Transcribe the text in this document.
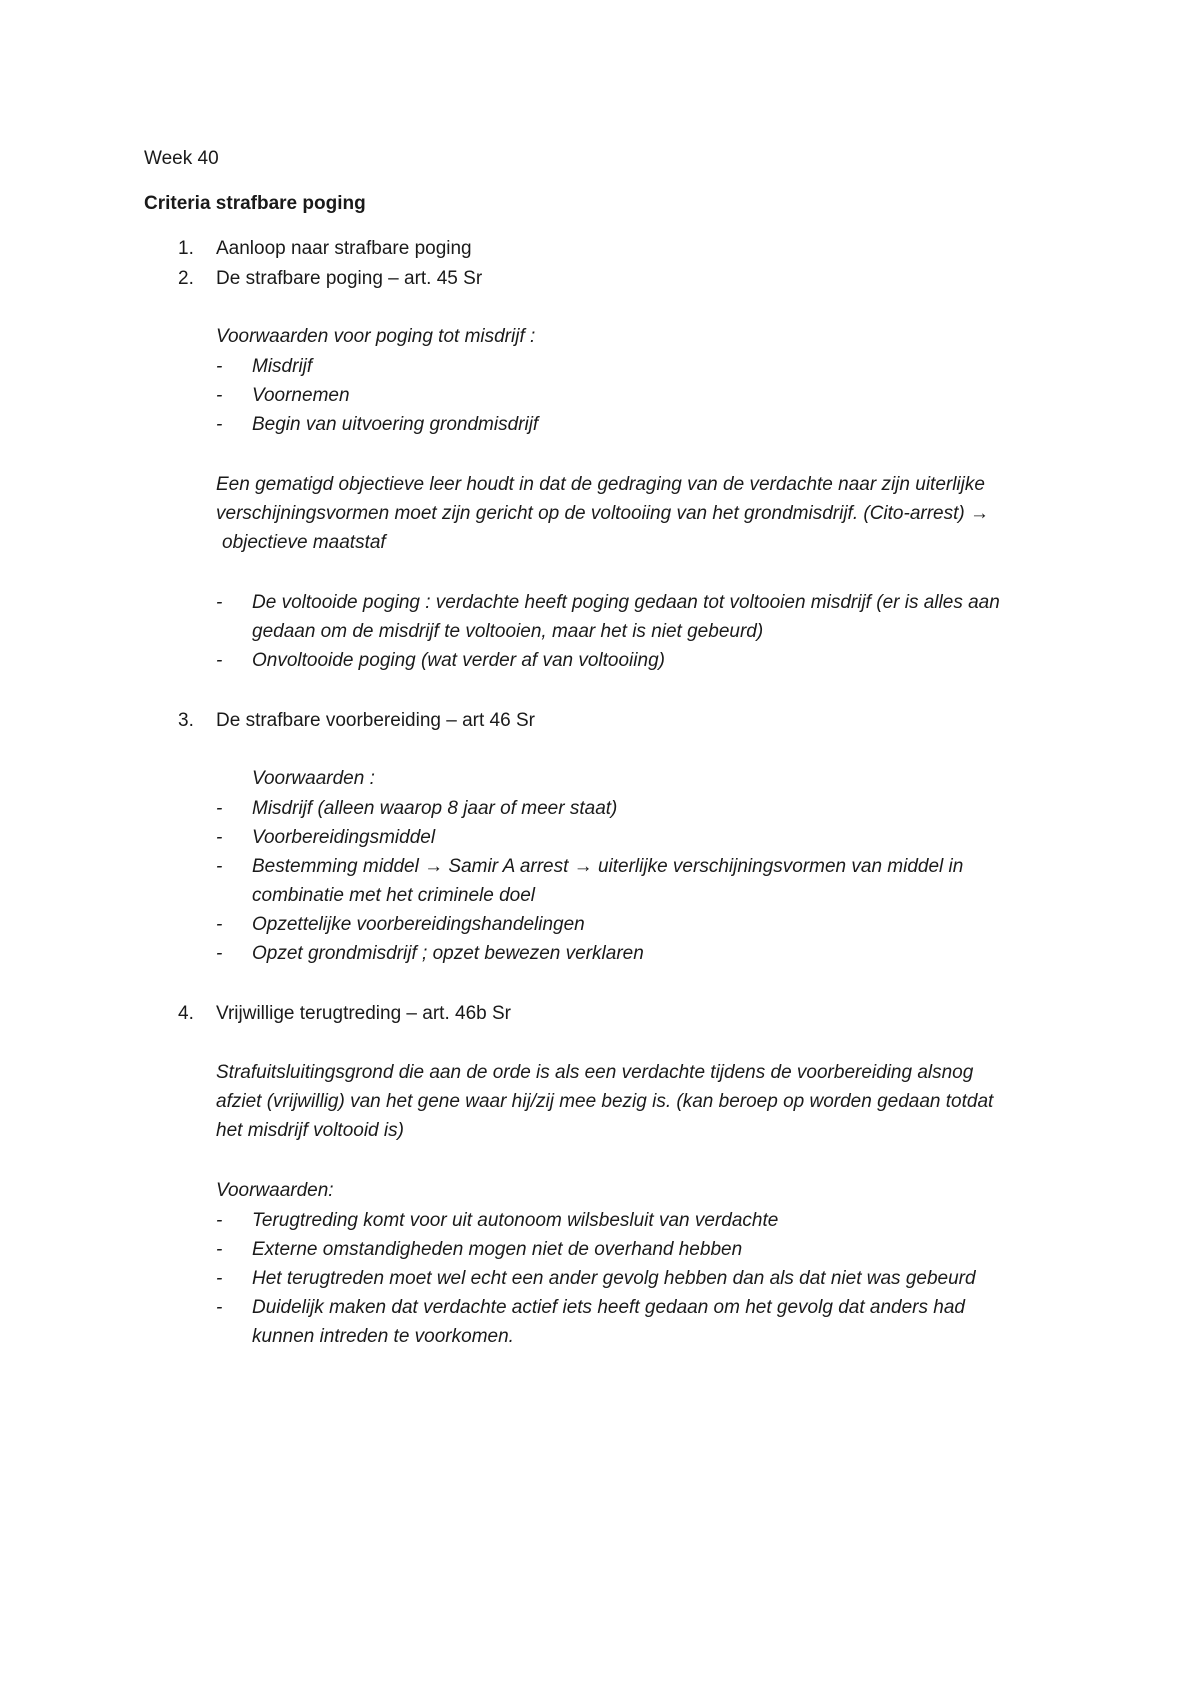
Week 40
Criteria strafbare poging
1. Aanloop naar strafbare poging
2. De strafbare poging – art. 45 Sr
Voorwaarden voor poging tot misdrijf :
- Misdrijf
- Voornemen
- Begin van uitvoering grondmisdrijf
Een gematigd objectieve leer houdt in dat de gedraging van de verdachte naar zijn uiterlijke
verschijningsvormen moet zijn gericht op de voltooiing van het grondmisdrijf. (Cito-arrest) →
objectieve maatstaf
- De voltooide poging : verdachte heeft poging gedaan tot voltooien misdrijf (er is alles aan
gedaan om de misdrijf te voltooien, maar het is niet gebeurd)
- Onvoltooide poging (wat verder af van voltooiing)
3. De strafbare voorbereiding – art 46 Sr
Voorwaarden :
- Misdrijf (alleen waarop 8 jaar of meer staat)
- Voorbereidingsmiddel
- Bestemming middel → Samir A arrest → uiterlijke verschijningsvormen van middel in
combinatie met het criminele doel
- Opzettelijke voorbereidingshandelingen
- Opzet grondmisdrijf ; opzet bewezen verklaren
4. Vrijwillige terugtreding – art. 46b Sr
Strafuitsluitingsgrond die aan de orde is als een verdachte tijdens de voorbereiding alsnog
afziet (vrijwillig) van het gene waar hij/zij mee bezig is. (kan beroep op worden gedaan totdat
het misdrijf voltooid is)
Voorwaarden:
- Terugtreding komt voor uit autonoom wilsbesluit van verdachte
- Externe omstandigheden mogen niet de overhand hebben
- Het terugtreden moet wel echt een ander gevolg hebben dan als dat niet was gebeurd
- Duidelijk maken dat verdachte actief iets heeft gedaan om het gevolg dat anders had
kunnen intreden te voorkomen.
